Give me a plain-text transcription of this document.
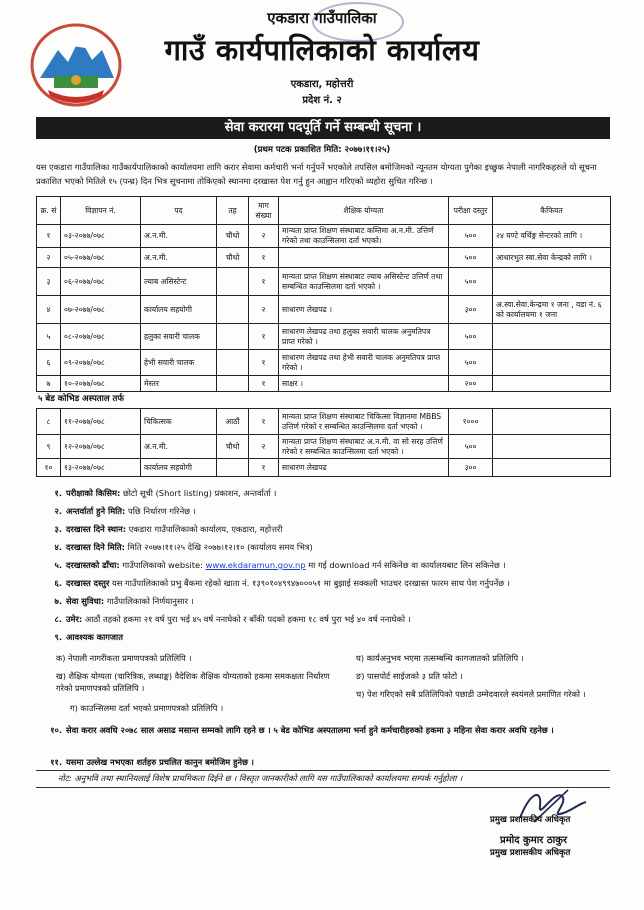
एकडारा गाउँपालिका
गाउँ कार्यपालिकाको कार्यालय
एकडारा, महोत्तरी
प्रदेश नं. २
सेवा करारमा पदपूर्ति गर्ने सम्बन्धी सूचना ।
(प्रथम पटक प्रकाशित मिति: २०७७।११।२५)
यस एकडारा गाउँपालिका गाउँकार्यपालिकाको कार्यालयमा लागि करार सेवामा कर्मचारी भर्ना गर्नुपर्ने भएकोले तपसिल बमोजिमको न्यूनतम योग्यता पुगेका इच्छुक नेपाली नागरिकहरुले यो सूचना प्रकाशित भएको मितिले १५ (पन्ध्र) दिन भित्र सूचनामा तोकिएको स्थानमा दरखास्त पेश गर्नु हुन आह्वान गरिएको व्यहोरा सुचित गरिन्छ ।
क्र. सं	विज्ञापन नं.	पद	तह	माग संख्या	शैक्षिक योग्यता	परीक्षा दस्तुर	कैफियत
१	०३-२०७७/०७८	अ.न.मी.	चौथो	२	मान्यता प्राप्त शिक्षण संस्थाबाट कम्तिमा अ.न.मी. उत्तिर्ण गरेको तथा काउन्सिलमा दर्ता भएको।	५००	२४ घण्टे वर्थिङ्ग सेन्टरको लागि ।
२	०५-२०७७/०७८	अ.न.मी.	चौथो	१		५००	आधारभुत स्वा.सेवा केन्द्रको लागि ।
३	०६-२०७७/०७८	ल्याब असिस्टेन्ट		१	मान्यता प्राप्त शिक्षण संस्थाबाट ल्याब असिस्टेन्ट उत्तिर्ण तथा सम्बन्धित काउन्सिलमा दर्ता भएको ।	५००	
४	०७-२०७७/०७८	कार्यालय सहयोगी		२	साधारण लेखपढ ।	३००	अ.स्वा.सेवा.केन्द्रमा १ जना , वडा नं. ६ को कार्यालयमा १ जना
५	०८-२०७७/०७८	हलुका सवारी चालक		१	साधारण लेखपढ तथा हलुका सवारी चालक अनुमतिपत्र प्राप्त गरेको ।	५००	
६	०९-२०७७/०७८	हेभी सवारी चालक		१	साधारण लेखपढ तथा हेभी सवारी चालक अनुमतिपत्र प्राप्त गरेको ।	५००	
७	१०-२०७७/०७८	मेस्तर		१	साक्षर ।	२००	
५ बेड कोभिड अस्पताल तर्फ
८	११-२०७७/०७८	चिकित्सक	आठौं	१	मान्यता प्राप्त शिक्षण संस्थाबाट चिकित्सा विज्ञानमा MBBS उत्तिर्ण गरेको र सम्बन्धित काउन्सिलमा दर्ता भएको ।	१०००	
९	१२-२०७७/०७८	अ.न.मी.	चौथो	२	मान्यता प्राप्त शिक्षण संस्थाबाट अ.न.मी. वा सो सरह उत्तिर्ण गरेको र सम्बन्धित काउन्सिलमा दर्ता भएको ।	५००	
१०	१३-२०७७/०७८	कार्यालय सहयोगी		१	साधारण लेखपढ	३००	
१. परीक्षाको किसिम: छोटो सूची (Short listing) प्रकाशन, अन्तर्वार्ता ।
२. अन्तर्वार्ता हुने मिति: पछि निर्धारण गरिनेछ ।
३. दरखास्त दिने स्थान: एकडारा गाउँपालिकाको कार्यालय, एकडारा, महोत्तरी
४. दरखास्त दिने मिति: मिति २०७७।११।२५ देखि २०७७।१२।१० (कार्यालय समय भित्र)
५. दरखास्तको ढाँचा: गाउँपालिकाको website: www.ekdaramun.gov.np मा गई download गर्न सकिनेछ वा कार्यालयबाट लिन सकिनेछ ।
६. दरखास्त दस्तुर यस गाउँपालिकाको प्रभु बैंकमा रहेको खाता नं. १३९०१०४९९४७०००५१ मा बुझाई सक्कली भाउचर दरखास्त फारम साथ पेश गर्नुपर्नेछ ।
७. सेवा सुविधा: गाउँपालिकाको निर्णयानुसार ।
८. उमेर: आठौं तहको हकमा २१ वर्ष पुरा भई ४५ वर्ष ननाघेको र बाँकी पदको हकमा १८ वर्ष पुरा भई ४० वर्ष ननाघेको ।
९. आवश्यक कागजात
क) नेपाली नागरीकता प्रमाणपत्रको प्रतिलिपि ।
ख) शैक्षिक योग्यता (चारित्रिक, लब्धाङ्क) वैदेशिक शैक्षिक योग्यताको हकमा समकक्षता निर्धारण गरेको प्रमाणपत्रको प्रतिलिपि ।
ग) काउन्सिलमा दर्ता भएको प्रमाणपत्रको प्रतिलिपि ।
घ) कार्यअनुभव भएमा तत्सम्बन्धि कागजातको प्रतिलिपि ।
ङ) पासपोर्ट साईजको ३ प्रति फोटो ।
च) पेश गरिएको सबै प्रतिलिपिको पछाडी उम्मेदवारले स्वयंमले प्रमाणित गरेको ।
१०. सेवा करार अवधि २०७८ साल असाढ मसान्त सम्मको लागि रहने छ । ५ बेड कोभिड अस्पतालमा भर्ना हुने कर्मचारीहरुको हकमा ३ महिना सेवा करार अवधि रहनेछ ।
११. यसमा उल्लेख नभएका शर्तहरु प्रचलित कानुन बमोजिम हुनेछ ।
नोट: अनुभवि तथा स्थानियलाई विशेष प्राथमिकता दिईने छ । विस्तृत जानकारीको लागि यस गाउँपालिकाको कार्यालयमा सम्पर्क गर्नुहोला ।
प्रमुख प्रशासकीय अधिकृत
प्रमोद कुमार ठाकुर
प्रमुख प्रशासकीय अधिकृत
